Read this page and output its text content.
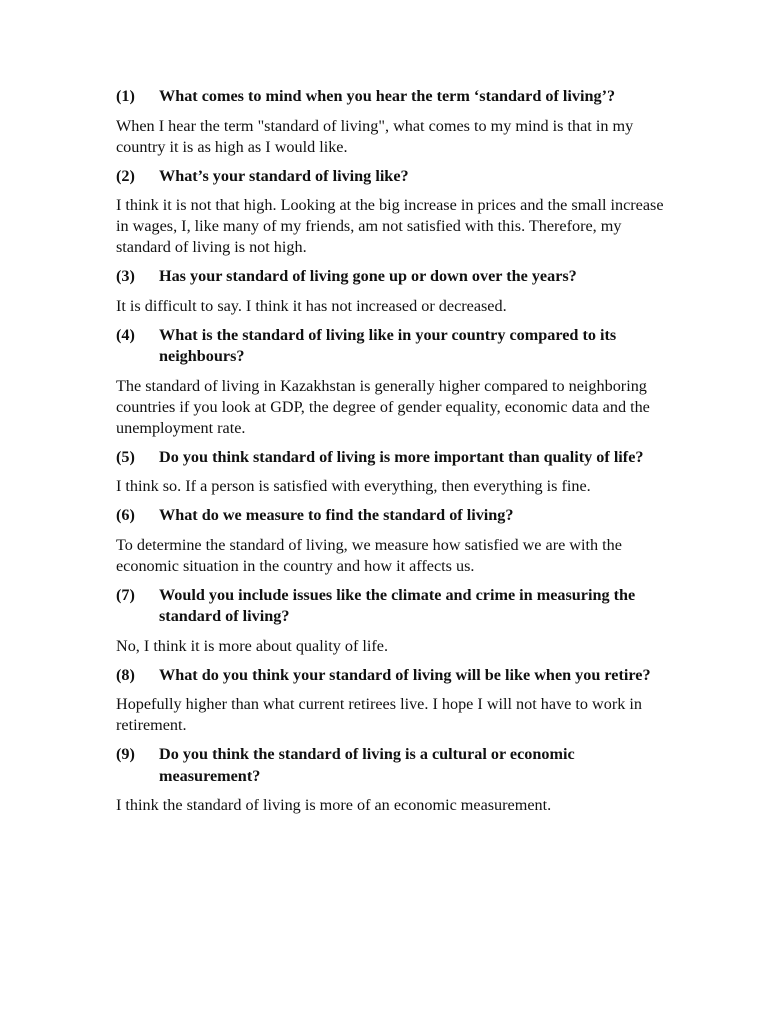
(1)	What comes to mind when you hear the term ‘standard of living’?

When I hear the term "standard of living", what comes to my mind is that in my country it is as high as I would like.

(2)	What’s your standard of living like?

I think it is not that high. Looking at the big increase in prices and the small increase in wages, I, like many of my friends, am not satisfied with this. Therefore, my standard of living is not high.

(3)	Has your standard of living gone up or down over the years?

It is difficult to say. I think it has not increased or decreased.

(4)	What is the standard of living like in your country compared to its neighbours?

The standard of living in Kazakhstan is generally higher compared to neighboring countries if you look at GDP, the degree of gender equality, economic data and the unemployment rate.

(5)	Do you think standard of living is more important than quality of life?

I think so. If a person is satisfied with everything, then everything is fine.

(6)	What do we measure to find the standard of living?

To determine the standard of living, we measure how satisfied we are with the economic situation in the country and how it affects us.

(7)	Would you include issues like the climate and crime in measuring the standard of living?

No, I think it is more about quality of life.

(8)	What do you think your standard of living will be like when you retire?

Hopefully higher than what current retirees live. I hope I will not have to work in retirement.

(9)	Do you think the standard of living is a cultural or economic measurement?

I think the standard of living is more of an economic measurement.
